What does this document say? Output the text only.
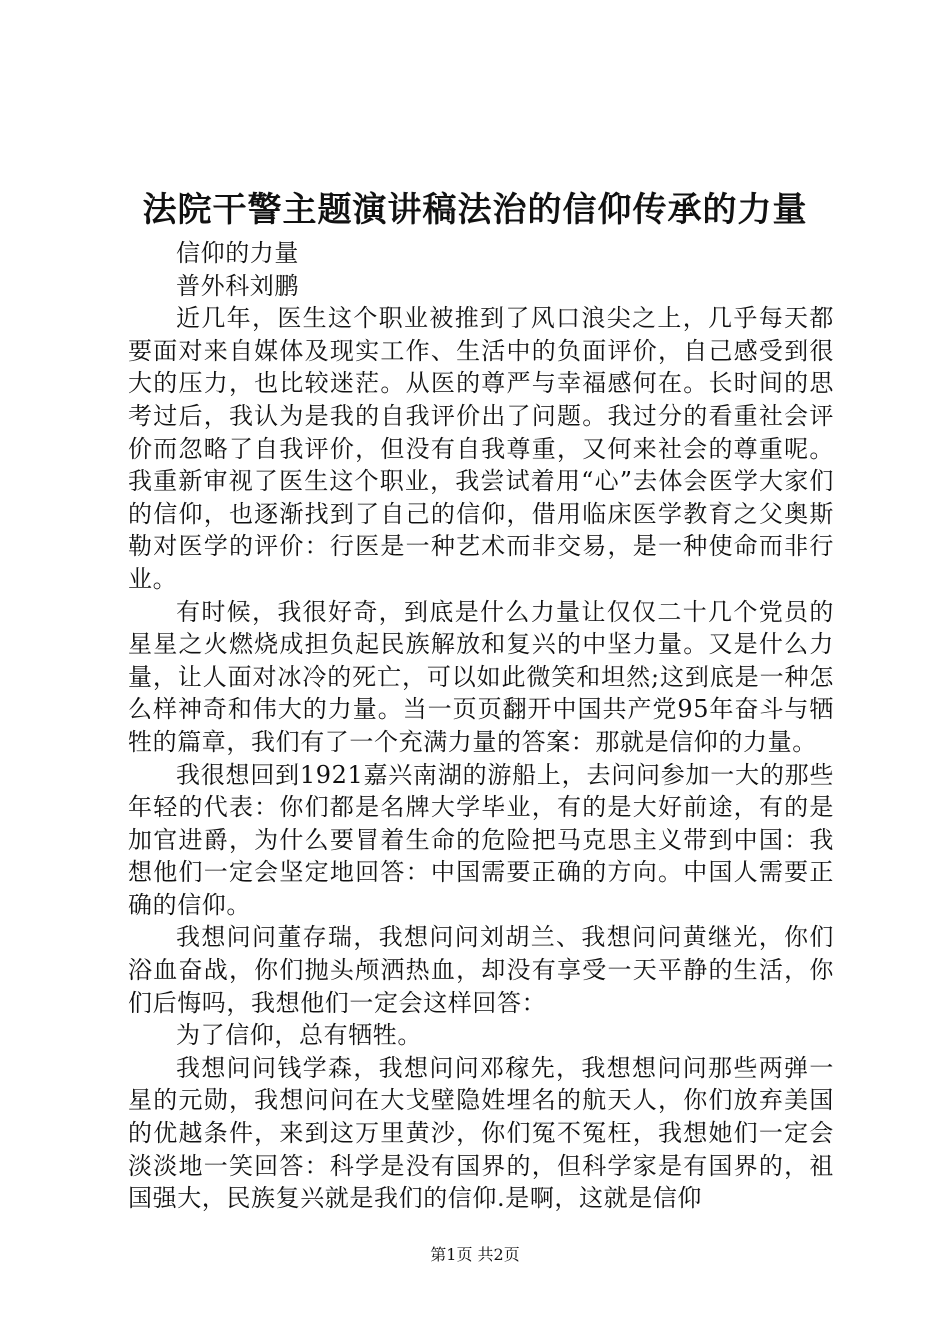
法院干警主题演讲稿法治的信仰传承的力量

信仰的力量

普外科刘鹏

近几年，医生这个职业被推到了风口浪尖之上，几乎每天都要面对来自媒体及现实工作、生活中的负面评价，自己感受到很大的压力，也比较迷茫。从医的尊严与幸福感何在。长时间的思考过后，我认为是我的自我评价出了问题。我过分的看重社会评价而忽略了自我评价，但没有自我尊重，又何来社会的尊重呢。我重新审视了医生这个职业，我尝试着用“心”去体会医学大家们的信仰，也逐渐找到了自己的信仰，借用临床医学教育之父奥斯勒对医学的评价：行医是一种艺术而非交易，是一种使命而非行业。

有时候，我很好奇，到底是什么力量让仅仅二十几个党员的星星之火燃烧成担负起民族解放和复兴的中坚力量。又是什么力量，让人面对冰冷的死亡，可以如此微笑和坦然;这到底是一种怎么样神奇和伟大的力量。当一页页翻开中国共产党95年奋斗与牺牲的篇章，我们有了一个充满力量的答案：那就是信仰的力量。

我很想回到1921嘉兴南湖的游船上，去问问参加一大的那些年轻的代表：你们都是名牌大学毕业，有的是大好前途，有的是加官进爵，为什么要冒着生命的危险把马克思主义带到中国：我想他们一定会坚定地回答：中国需要正确的方向。中国人需要正确的信仰。

我想问问董存瑞，我想问问刘胡兰、我想问问黄继光，你们浴血奋战，你们抛头颅洒热血，却没有享受一天平静的生活，你们后悔吗，我想他们一定会这样回答：

为了信仰，总有牺牲。

我想问问钱学森，我想问问邓稼先，我想想问问那些两弹一星的元勋，我想问问在大戈壁隐姓埋名的航天人，你们放弃美国的优越条件，来到这万里黄沙，你们冤不冤枉，我想她们一定会淡淡地一笑回答：科学是没有国界的，但科学家是有国界的，祖国强大，民族复兴就是我们的信仰.是啊，这就是信仰

第1页 共2页
